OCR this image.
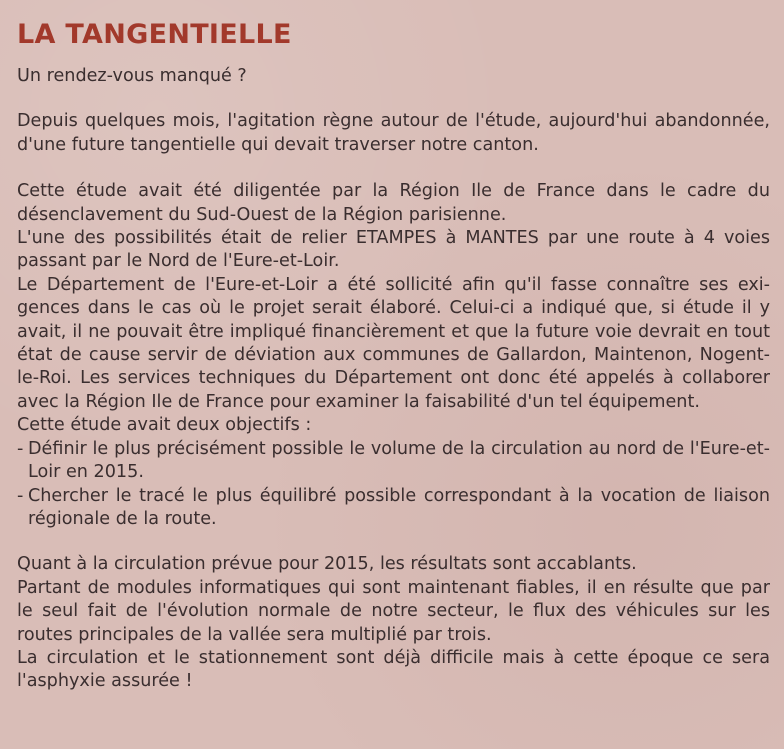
LA TANGENTIELLE

Un rendez-vous manqué ?

Depuis quelques mois, l'agitation règne autour de l'étude, aujourd'hui abandonnée, d'une future tangentielle qui devait traverser notre canton.

Cette étude avait été diligentée par la Région Ile de France dans le cadre du désenclavement du Sud-Ouest de la Région parisienne.

L'une des possibilités était de relier ETAMPES à MANTES par une route à 4 voies passant par le Nord de l'Eure-et-Loir.

Le Département de l'Eure-et-Loir a été sollicité afin qu'il fasse connaître ses exigences dans le cas où le projet serait élaboré. Celui-ci a indiqué que, si étude il y avait, il ne pouvait être impliqué financièrement et que la future voie devrait en tout état de cause servir de déviation aux communes de Gallardon, Maintenon, Nogent-le-Roi. Les services techniques du Département ont donc été appelés à collaborer avec la Région Ile de France pour examiner la faisabilité d'un tel équipement.

Cette étude avait deux objectifs :

- Définir le plus précisément possible le volume de la circulation au nord de l'Eure-et-Loir en 2015.
- Chercher le tracé le plus équilibré possible correspondant à la vocation de liaison régionale de la route.

Quant à la circulation prévue pour 2015, les résultats sont accablants.

Partant de modules informatiques qui sont maintenant fiables, il en résulte que par le seul fait de l'évolution normale de notre secteur, le flux des véhicules sur les routes principales de la vallée sera multiplié par trois.

La circulation et le stationnement sont déjà difficile mais à cette époque ce sera l'asphyxie assurée !
